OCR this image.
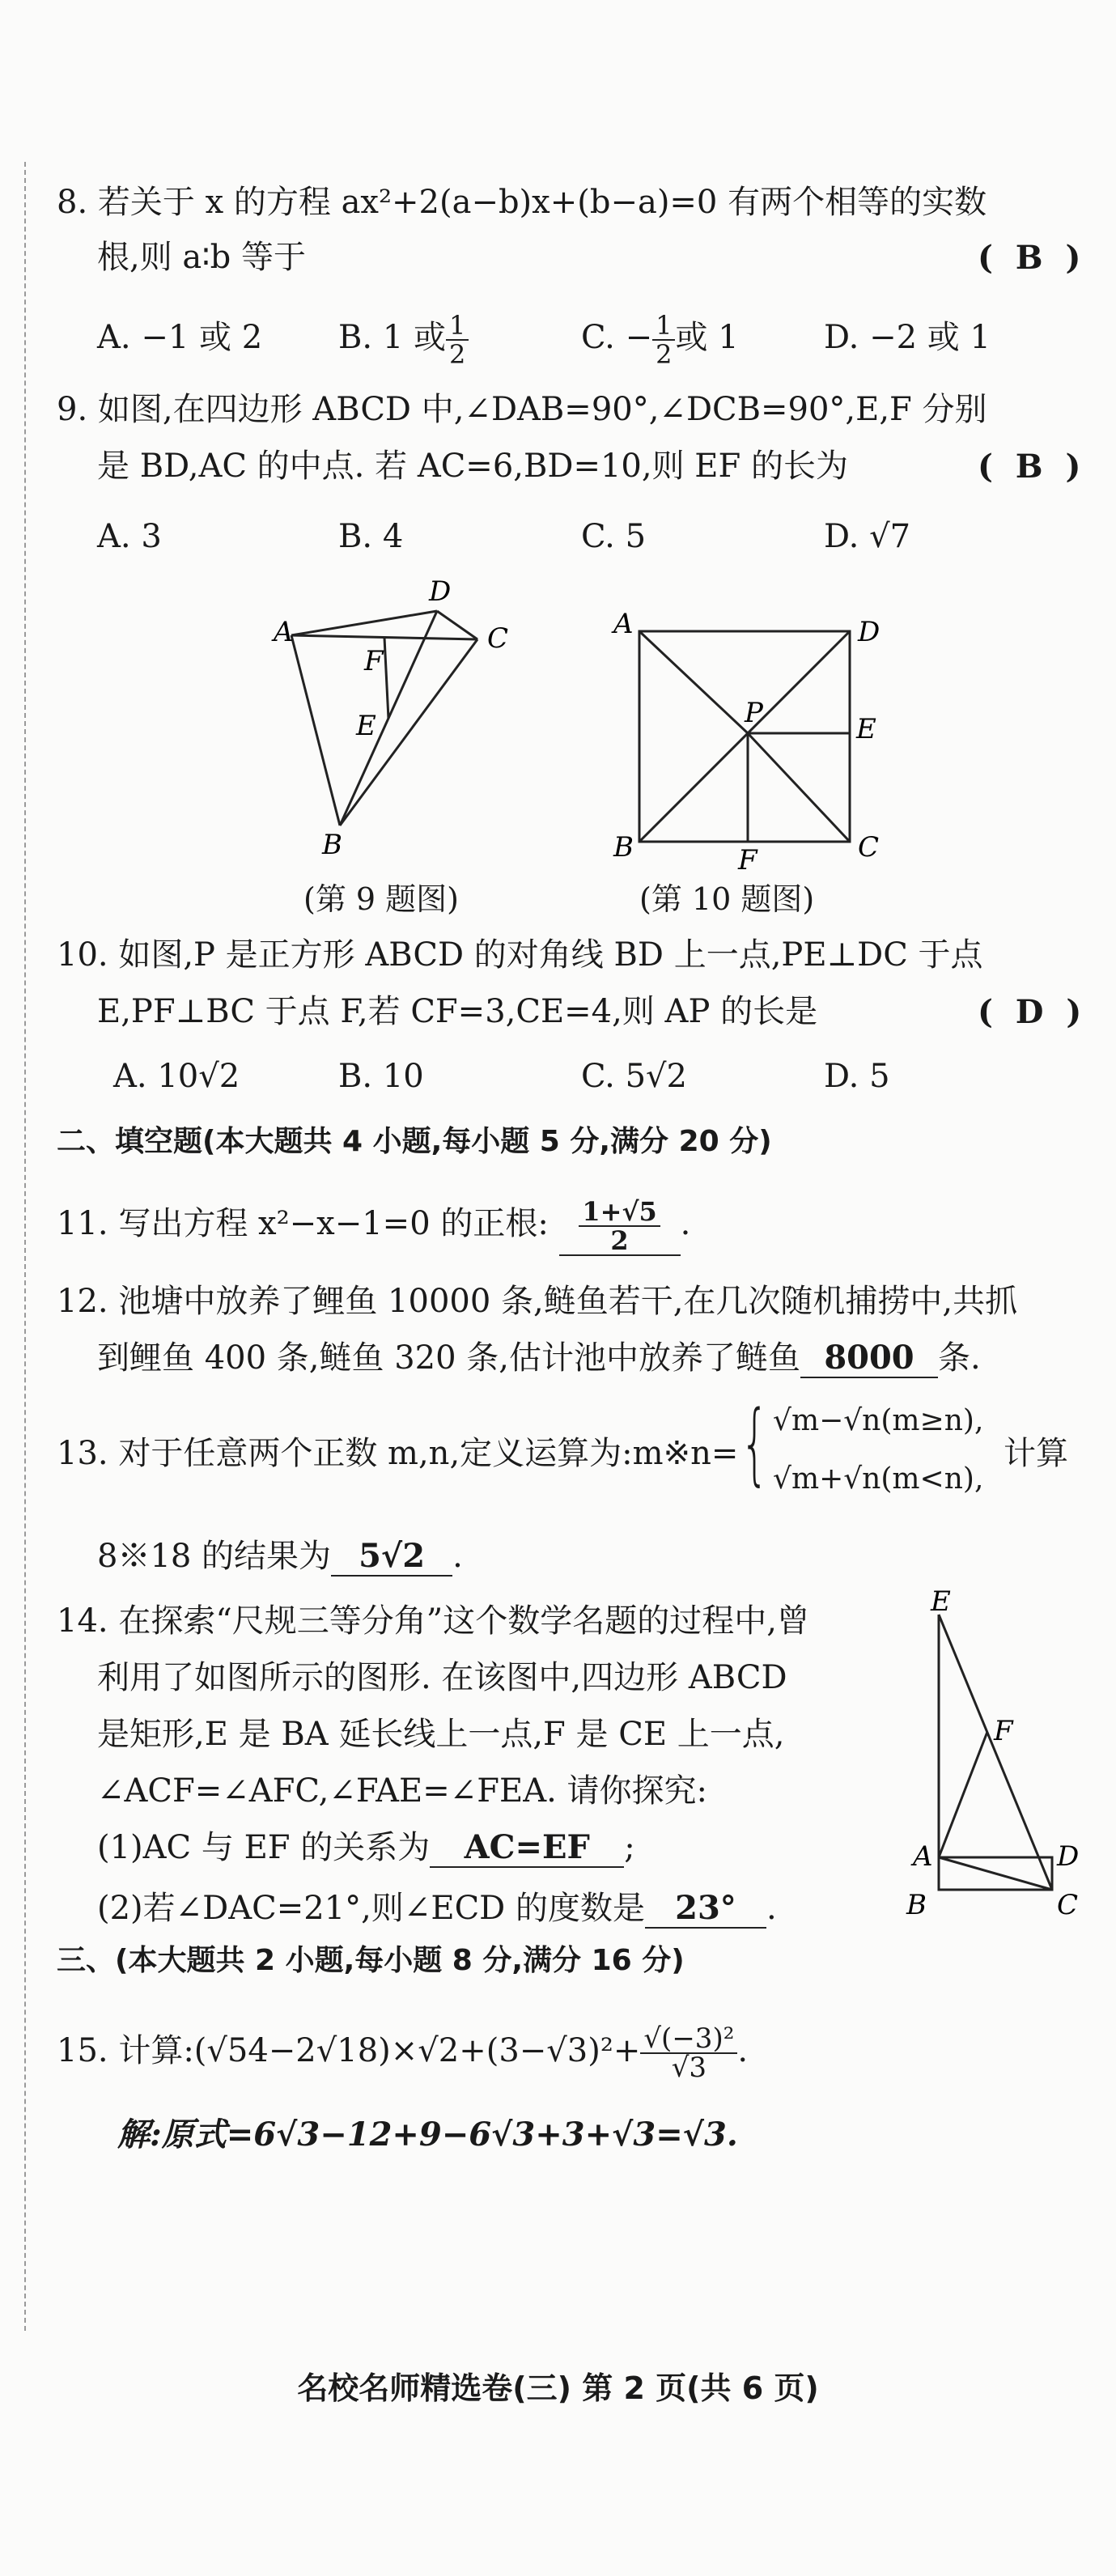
8. 若关于 x 的方程 ax²+2(a−b)x+(b−a)=0 有两个相等的实数
根,则 a∶b 等于	(  B  )
A. −1 或 2 B. 1 或 $\frac{1}{2}$	C. − $\frac{1}{2}$ 或 1	D. −2 或 1
9. 如图,在四边形 ABCD 中,∠DAB=90°,∠DCB=90°,E,F 分别
是 BD,AC 的中点. 若 AC=6,BD=10,则 EF 的长为	(  B  )
A. 3	B. 4	C. 5	D. √7
A
D
C
F
E
B
(第 9 题图)
A	D
P	E
B	F	C
(第 10 题图)
10. 如图,P 是正方形 ABCD 的对角线 BD 上一点,PE⊥DC 于点
E,PF⊥BC 于点 F,若 CF=3,CE=4,则 AP 的长是	(  D  )
A. 10√2	B. 10	C. 5√2	D. 5
二、填空题(本大题共 4 小题,每小题 5 分,满分 20 分)
11. 写出方程 x²−x−1=0 的正根: $\frac{1+√5}{2}$ .
12. 池塘中放养了鲤鱼 10000 条,鲢鱼若干,在几次随机捕捞中,共抓
到鲤鱼 400 条,鲢鱼 320 条,估计池中放养了鲢鱼 8000 条.
13. 对于任意两个正数 m,n,定义运算为:m※n= { √m−√n(m≥n),
√m+√n(m<n),
计算
8※18 的结果为 5√2 .
14. 在探索“尺规三等分角”这个数学名题的过程中,曾
利用了如图所示的图形. 在该图中,四边形 ABCD
是矩形,E 是 BA 延长线上一点,F 是 CE 上一点,
∠ACF=∠AFC,∠FAE=∠FEA. 请你探究:
(1)AC 与 EF 的关系为 AC=EF ;
(2)若∠DAC=21°,则∠ECD 的度数是 23° .
E
F
A	D
B	C
三、(本大题共 2 小题,每小题 8 分,满分 16 分)
15. 计算:(√54−2√18)×√2+(3−√3)²+ $\frac{\text{√(−3)²}}{√3}$ .
解:原式=6√3−12+9−6√3+3+√3=√3.
名校名师精选卷(三) 第 2 页(共 6 页)
